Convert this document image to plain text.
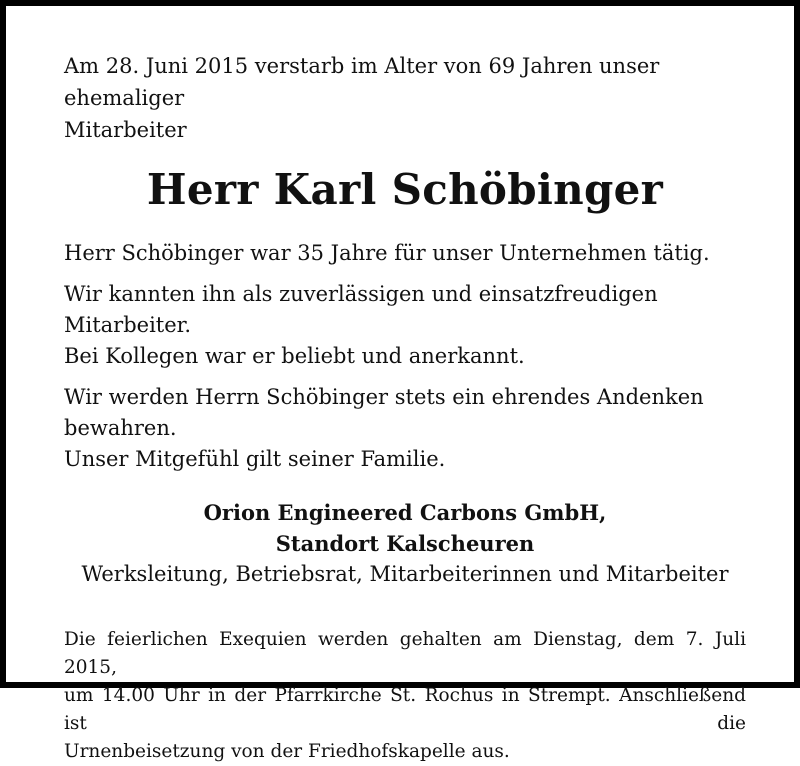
Am 28. Juni 2015 verstarb im Alter von 69 Jahren unser ehemaliger
Mitarbeiter

Herr Karl Schöbinger

Herr Schöbinger war 35 Jahre für unser Unternehmen tätig.

Wir kannten ihn als zuverlässigen und einsatzfreudigen Mitarbeiter.
Bei Kollegen war er beliebt und anerkannt.

Wir werden Herrn Schöbinger stets ein ehrendes Andenken bewahren.
Unser Mitgefühl gilt seiner Familie.

Orion Engineered Carbons GmbH,
Standort Kalscheuren
Werksleitung, Betriebsrat, Mitarbeiterinnen und Mitarbeiter
Die feierlichen Exequien werden gehalten am Dienstag, dem 7. Juli 2015,
um 14.00 Uhr in der Pfarrkirche St. Rochus in Strempt. Anschließend ist die
Urnenbeisetzung von der Friedhofskapelle aus.
